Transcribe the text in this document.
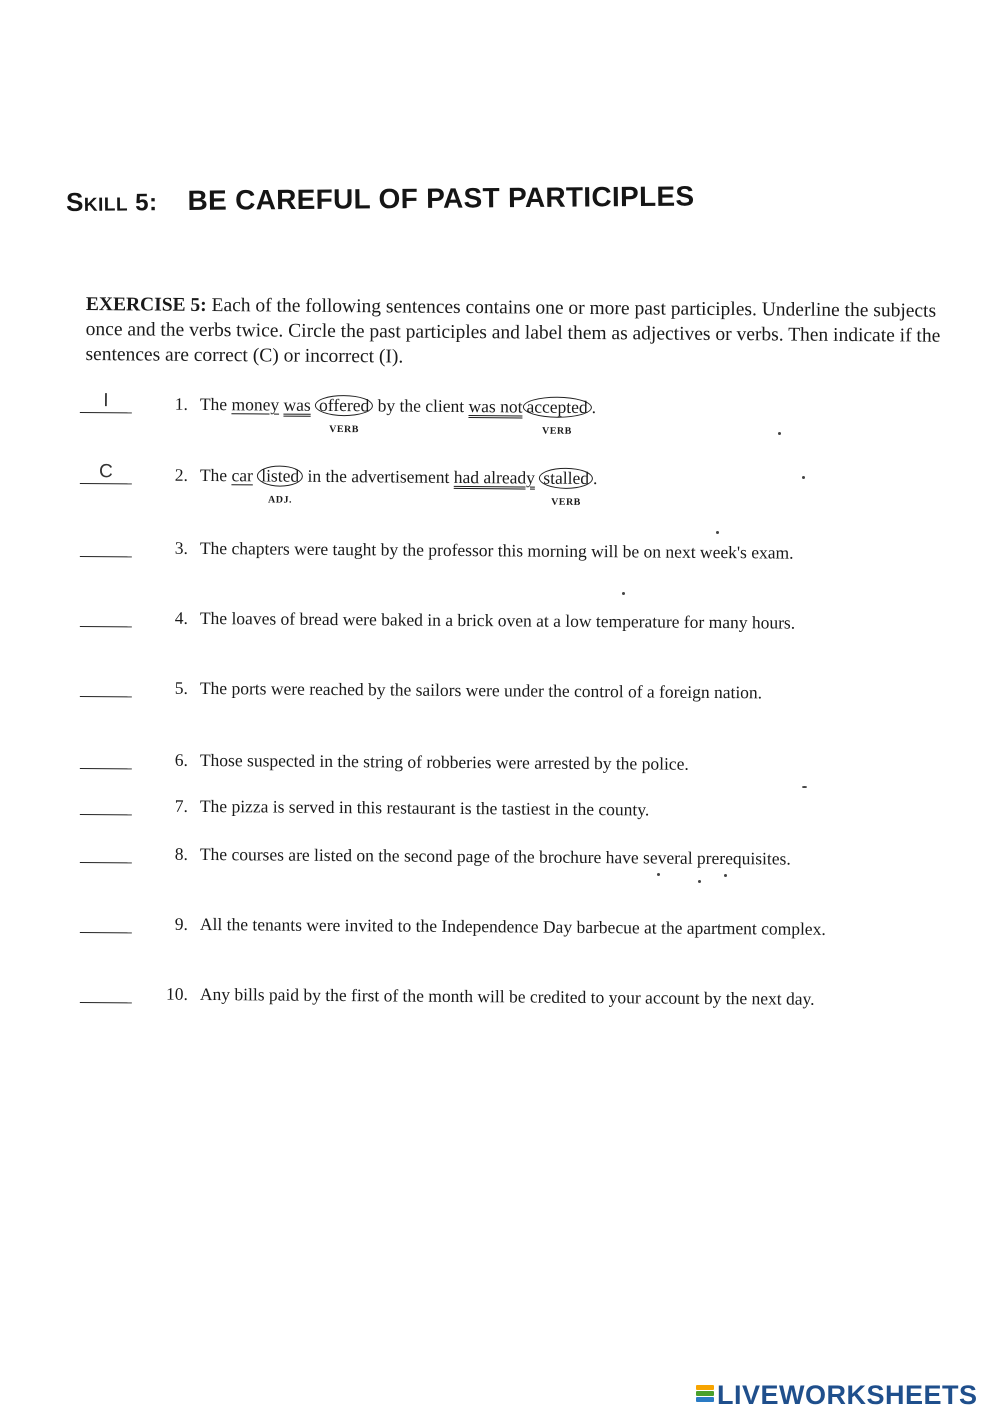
SKILL 5: BE CAREFUL OF PAST PARTICIPLES
EXERCISE 5: Each of the following sentences contains one or more past participles. Underline the subjects once and the verbs twice. Circle the past participles and label them as adjectives or verbs. Then indicate if the sentences are correct (C) or incorrect (I).
I	1. The money was offered
VERB
by the client was not accepted
VERB
.
C	2. The car listed
ADJ.
in the advertisement had already stalled
VERB
.
3. The chapters were taught by the professor this morning will be on next week's exam.
4. The loaves of bread were baked in a brick oven at a low temperature for many hours.
5. The ports were reached by the sailors were under the control of a foreign nation.
6. Those suspected in the string of robberies were arrested by the police.
7. The pizza is served in this restaurant is the tastiest in the county.
8. The courses are listed on the second page of the brochure have several prerequisites.
9. All the tenants were invited to the Independence Day barbecue at the apartment complex.
10. Any bills paid by the first of the month will be credited to your account by the next day.
LIVEWORKSHEETS
